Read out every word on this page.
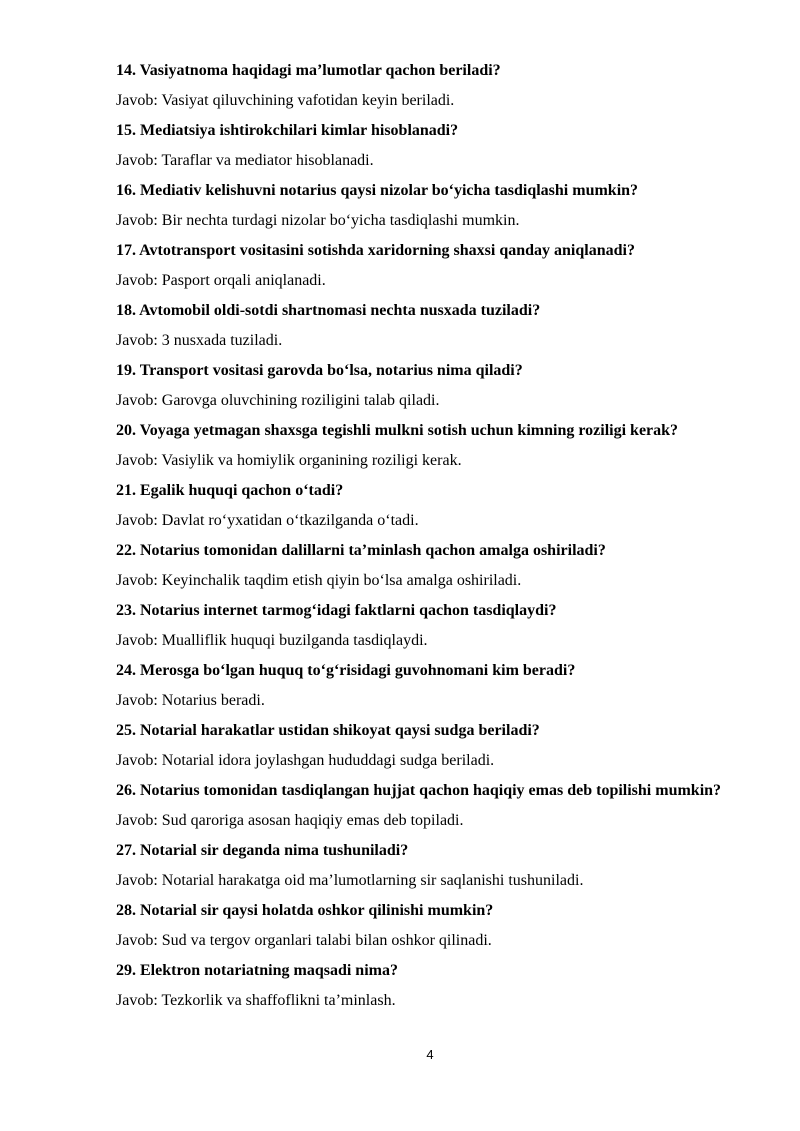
14. Vasiyatnoma haqidagi ma’lumotlar qachon beriladi?

Javob: Vasiyat qiluvchining vafotidan keyin beriladi.

15. Mediatsiya ishtirokchilari kimlar hisoblanadi?

Javob: Taraflar va mediator hisoblanadi.

16. Mediativ kelishuvni notarius qaysi nizolar bo‘yicha tasdiqlashi mumkin?

Javob: Bir nechta turdagi nizolar bo‘yicha tasdiqlashi mumkin.

17. Avtotransport vositasini sotishda xaridorning shaxsi qanday aniqlanadi?

Javob: Pasport orqali aniqlanadi.

18. Avtomobil oldi-sotdi shartnomasi nechta nusxada tuziladi?

Javob: 3 nusxada tuziladi.

19. Transport vositasi garovda bo‘lsa, notarius nima qiladi?

Javob: Garovga oluvchining roziligini talab qiladi.

20. Voyaga yetmagan shaxsga tegishli mulkni sotish uchun kimning roziligi kerak?

Javob: Vasiylik va homiylik organining roziligi kerak.

21. Egalik huquqi qachon o‘tadi?

Javob: Davlat ro‘yxatidan o‘tkazilganda o‘tadi.

22. Notarius tomonidan dalillarni ta’minlash qachon amalga oshiriladi?

Javob: Keyinchalik taqdim etish qiyin bo‘lsa amalga oshiriladi.

23. Notarius internet tarmog‘idagi faktlarni qachon tasdiqlaydi?

Javob: Mualliflik huquqi buzilganda tasdiqlaydi.

24. Merosga bo‘lgan huquq to‘g‘risidagi guvohnomani kim beradi?

Javob: Notarius beradi.

25. Notarial harakatlar ustidan shikoyat qaysi sudga beriladi?

Javob: Notarial idora joylashgan hududdagi sudga beriladi.

26. Notarius tomonidan tasdiqlangan hujjat qachon haqiqiy emas deb topilishi mumkin?

Javob: Sud qaroriga asosan haqiqiy emas deb topiladi.

27. Notarial sir deganda nima tushuniladi?

Javob: Notarial harakatga oid ma’lumotlarning sir saqlanishi tushuniladi.

28. Notarial sir qaysi holatda oshkor qilinishi mumkin?

Javob: Sud va tergov organlari talabi bilan oshkor qilinadi.

29. Elektron notariatning maqsadi nima?

Javob: Tezkorlik va shaffoflikni ta’minlash.

4
